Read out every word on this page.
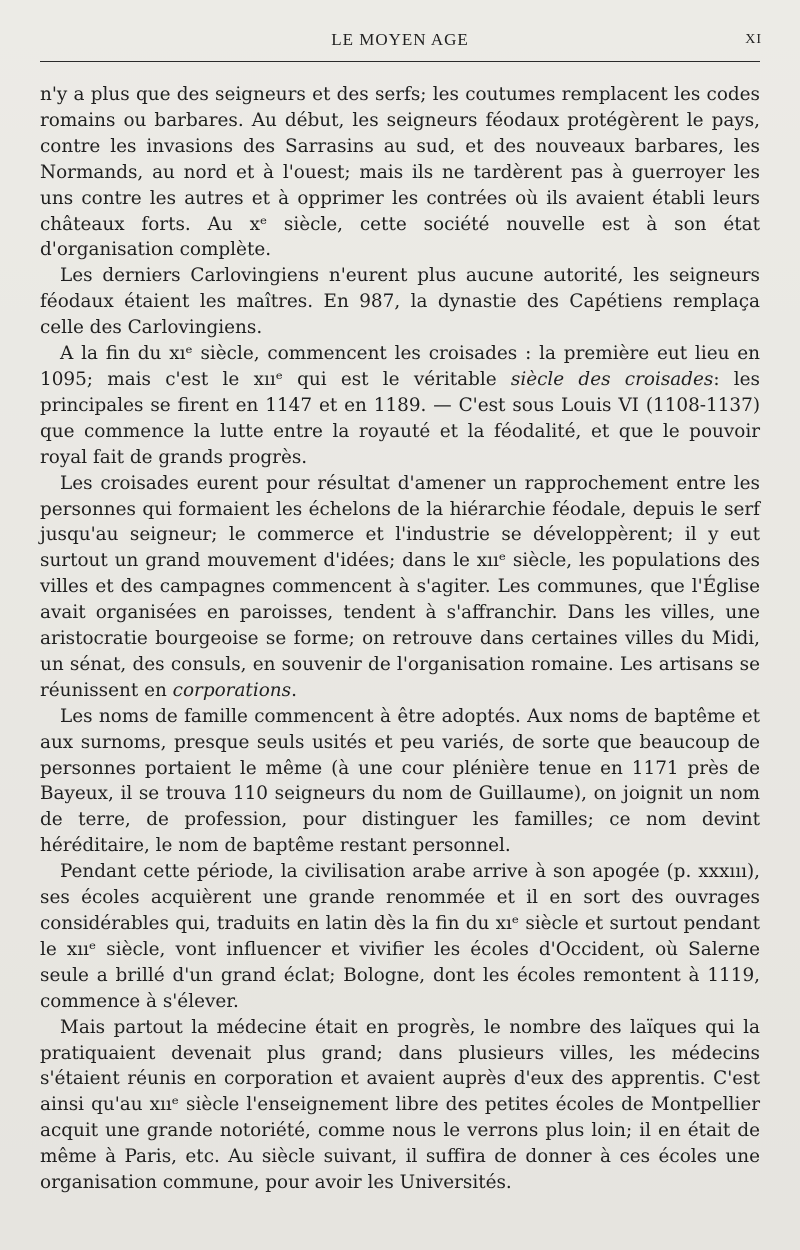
LE MOYEN AGE	XI

n'y a plus que des seigneurs et des serfs; les coutumes remplacent les codes romains ou barbares. Au début, les seigneurs féodaux protégèrent le pays, contre les invasions des Sarrasins au sud, et des nouveaux barbares, les Normands, au nord et à l'ouest; mais ils ne tardèrent pas à guerroyer les uns contre les autres et à opprimer les contrées où ils avaient établi leurs châteaux forts. Au xᵉ siècle, cette société nouvelle est à son état d'organisation complète.

Les derniers Carlovingiens n'eurent plus aucune autorité, les seigneurs féodaux étaient les maîtres. En 987, la dynastie des Capétiens remplaça celle des Carlovingiens.

A la fin du xıᵉ siècle, commencent les croisades : la première eut lieu en 1095; mais c'est le xııᵉ qui est le véritable siècle des croisades: les principales se firent en 1147 et en 1189. — C'est sous Louis VI (1108-1137) que commence la lutte entre la royauté et la féodalité, et que le pouvoir royal fait de grands progrès.

Les croisades eurent pour résultat d'amener un rapprochement entre les personnes qui formaient les échelons de la hiérarchie féodale, depuis le serf jusqu'au seigneur; le commerce et l'industrie se développèrent; il y eut surtout un grand mouvement d'idées; dans le xııᵉ siècle, les populations des villes et des campagnes commencent à s'agiter. Les communes, que l'Église avait organisées en paroisses, tendent à s'affranchir. Dans les villes, une aristocratie bourgeoise se forme; on retrouve dans certaines villes du Midi, un sénat, des consuls, en souvenir de l'organisation romaine. Les artisans se réunissent en corporations.

Les noms de famille commencent à être adoptés. Aux noms de baptême et aux surnoms, presque seuls usités et peu variés, de sorte que beaucoup de personnes portaient le même (à une cour plénière tenue en 1171 près de Bayeux, il se trouva 110 seigneurs du nom de Guillaume), on joignit un nom de terre, de profession, pour distinguer les familles; ce nom devint héréditaire, le nom de baptême restant personnel.

Pendant cette période, la civilisation arabe arrive à son apogée (p. xxxııı), ses écoles acquièrent une grande renommée et il en sort des ouvrages considérables qui, traduits en latin dès la fin du xıᵉ siècle et surtout pendant le xııᵉ siècle, vont influencer et vivifier les écoles d'Occident, où Salerne seule a brillé d'un grand éclat; Bologne, dont les écoles remontent à 1119, commence à s'élever.

Mais partout la médecine était en progrès, le nombre des laïques qui la pratiquaient devenait plus grand; dans plusieurs villes, les médecins s'étaient réunis en corporation et avaient auprès d'eux des apprentis. C'est ainsi qu'au xııᵉ siècle l'enseignement libre des petites écoles de Montpellier acquit une grande notoriété, comme nous le verrons plus loin; il en était de même à Paris, etc. Au siècle suivant, il suffira de donner à ces écoles une organisation commune, pour avoir les Universités.
